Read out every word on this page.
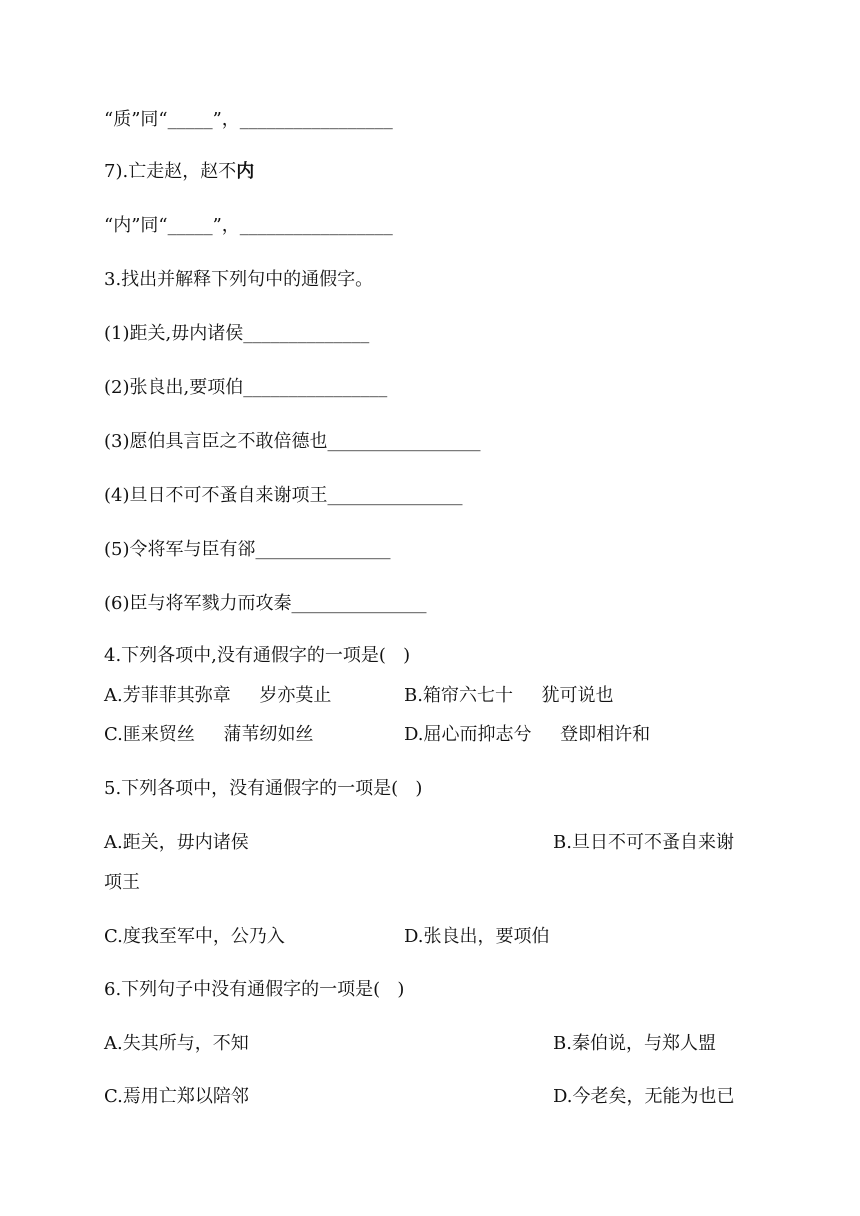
“质”同“_____”，_________________
7).亡走赵，赵不内
“内”同“_____”，_________________
3.找出并解释下列句中的通假字。
(1)距关,毋内诸侯______________
(2)张良出,要项伯________________
(3)愿伯具言臣之不敢倍德也_________________
(4)旦日不可不蚤自来谢项王_______________
(5)令将军与臣有郤_______________
(6)臣与将军戮力而攻秦_______________
4.下列各项中,没有通假字的一项是(   )
A.芳菲菲其弥章     岁亦莫止	B.箱帘六七十     犹可说也
C.匪来贸丝     蒲苇纫如丝	D.屈心而抑志兮     登即相许和
5.下列各项中，没有通假字的一项是(   )
A.距关，毋内诸侯	B.旦日不可不蚤自来谢
项王
C.度我至军中，公乃入	D.张良出，要项伯
6.下列句子中没有通假字的一项是(   )
A.失其所与，不知	B.秦伯说，与郑人盟
C.焉用亡郑以陪邻	D.今老矣，无能为也已
